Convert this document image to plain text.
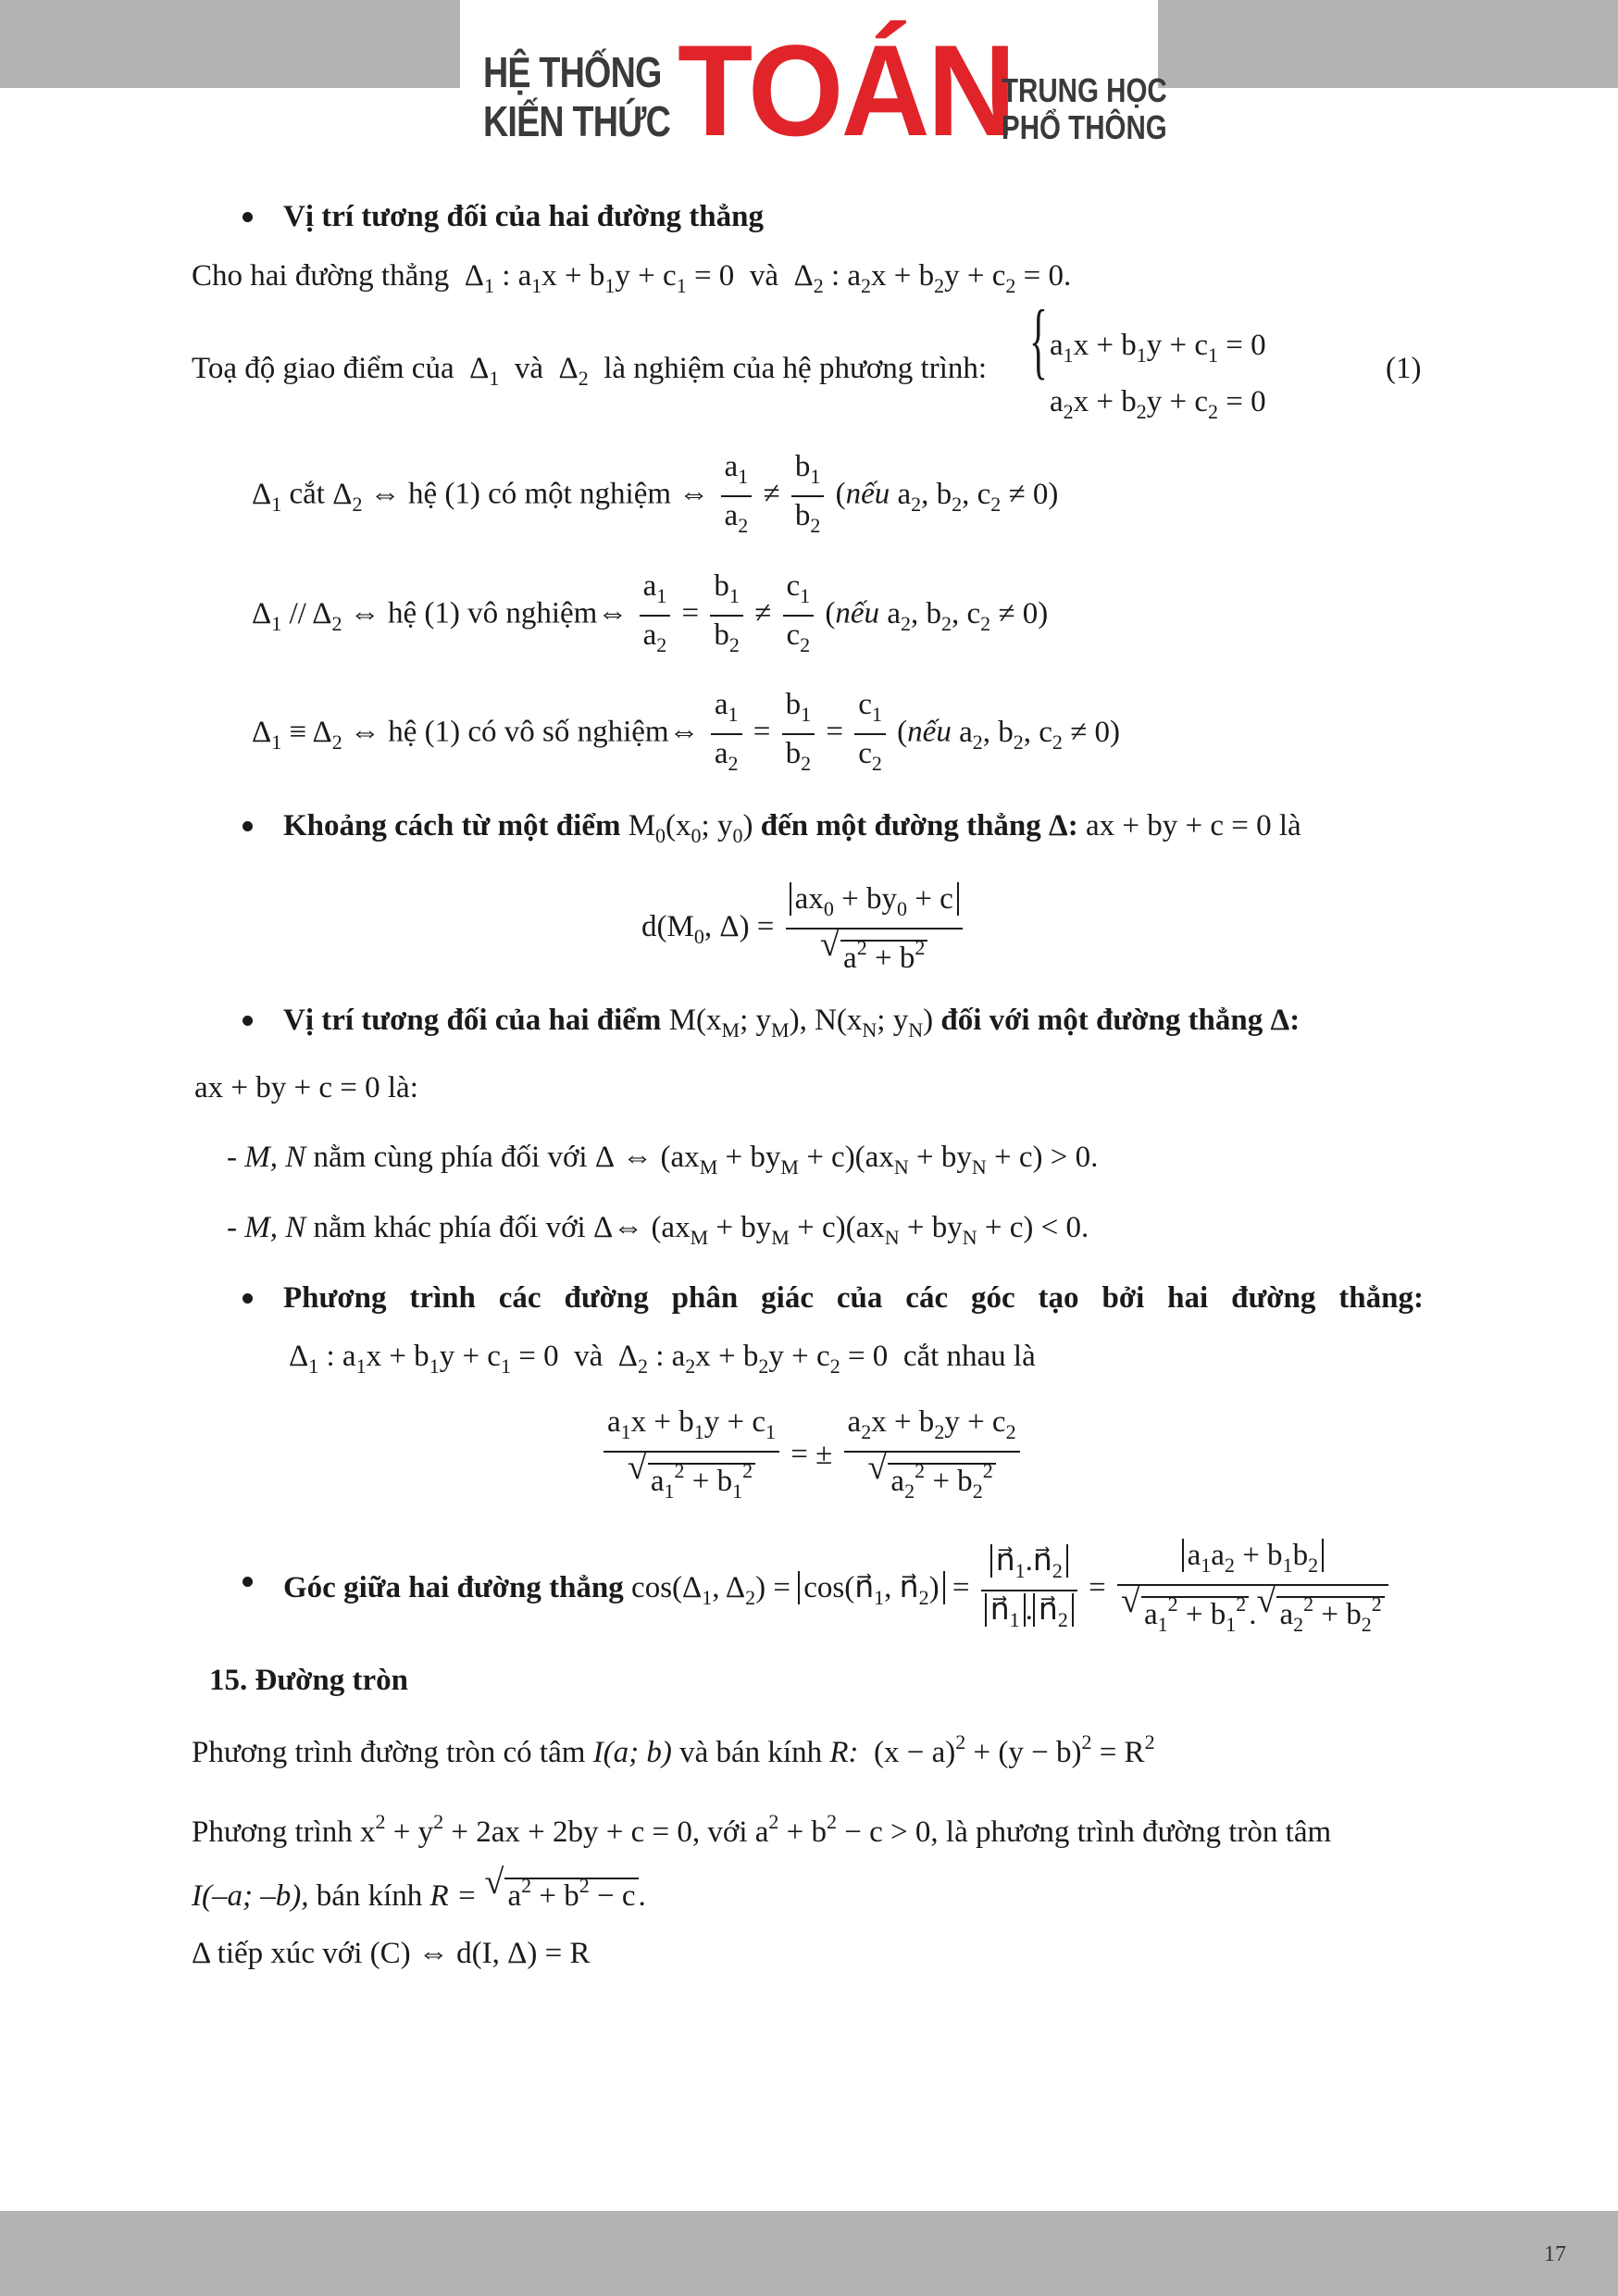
HỆ THỐNG
KIẾN THỨC TOÁN
TRUNG HỌC
PHỔ THÔNG
Vị trí tương đối của hai đường thẳng
Cho hai đường thẳng $\Delta_1$ : $a_1x + b_1y + c_1 = 0$ và $\Delta_2$ : $a_2x + b_2y + c_2 = 0$.
Toạ độ giao điểm của $\Delta_1$ và $\Delta_2$ là nghiệm của hệ phương trình: { $a_1x + b_1y + c_1 = 0$
$a_2x + b_2y + c_2 = 0$
(1)
$\Delta_1$ cắt $\Delta_2$ ⇔ hệ (1) có một nghiệm ⇔ $\frac{a_1}{a_2} \ne \frac{b_1}{b_2}$ (nếu $a_2$, $b_2$, $c_2 \ne 0$)
$\Delta_1 // \Delta_2$ ⇔ hệ (1) vô nghiệm⇔ $\frac{a_1}{a_2} = \frac{b_1}{b_2} \ne \frac{c_1}{c_2}$ (nếu $a_2$, $b_2$, $c_2 \ne 0$)
$\Delta_1 \equiv \Delta_2$ ⇔ hệ (1) có vô số nghiệm⇔ $\frac{a_1}{a_2} = \frac{b_1}{b_2} = \frac{c_1}{c_2}$ (nếu $a_2$, $b_2$, $c_2 \ne 0$)
Khoảng cách từ một điểm $M_0(x_0$; $y_0$) đến một đường thẳng Δ: ax + by + c = 0 là
$d(M_0$, $\Delta) = ax_0 + by_0 + c$
√ $a^2 + b^2$
Vị trí tương đối của hai điểm $M(x_M$; $y_M$), $N(x_N$; $y_N$) đối với một đường thẳng Δ:
ax + by + c = 0 là:
- M, N nằm cùng phía đối với Δ ⇔ $(ax_M + by_M + c)(ax_N + by_N + c) > 0$.
- M, N nằm khác phía đối với Δ⇔ $(ax_M + by_M + c)(ax_N + by_N + c) < 0$.
Phương trình các đường phân giác của các góc tạo bởi hai đường thẳng:
$\Delta_1$ : $a_1x + b_1y + c_1 = 0$ và $\Delta_2$ : $a_2x + b_2y + c_2 = 0$ cắt nhau là
$a_1x + b_1y + c_1$
√ $a_1^2 + b_1^2$ = ± $a_2x + b_2y + c_2$
√ $a_2^2 + b_2^2$
Góc giữa hai đường thẳng $\cos(\Delta_1$, $\Delta_2$) = $\cos(n⃗_1$, $n⃗_2) = \frac{n⃗_1.n⃗_2}{n⃗_1 . n⃗_2} = a_1a_2 + b_1b_2$
√ $a_1^2 + b_1^2$. √ $a_2^2 + b_2^2$
15. Đường tròn
Phương trình đường tròn có tâm I(a; b) và bán kính R: $(x - a)^2 + (y - b)^2 = R^2$
Phương trình $x^2 + y^2 + 2ax + 2by + c = 0$, với $a^2 + b^2 - c > 0$, là phương trình đường tròn tâm
I(–a; –b), bán kính R = √ $a^2 + b^2 - c$.
Δ tiếp xúc với (C) ⇔ d(I, Δ) = R
17
